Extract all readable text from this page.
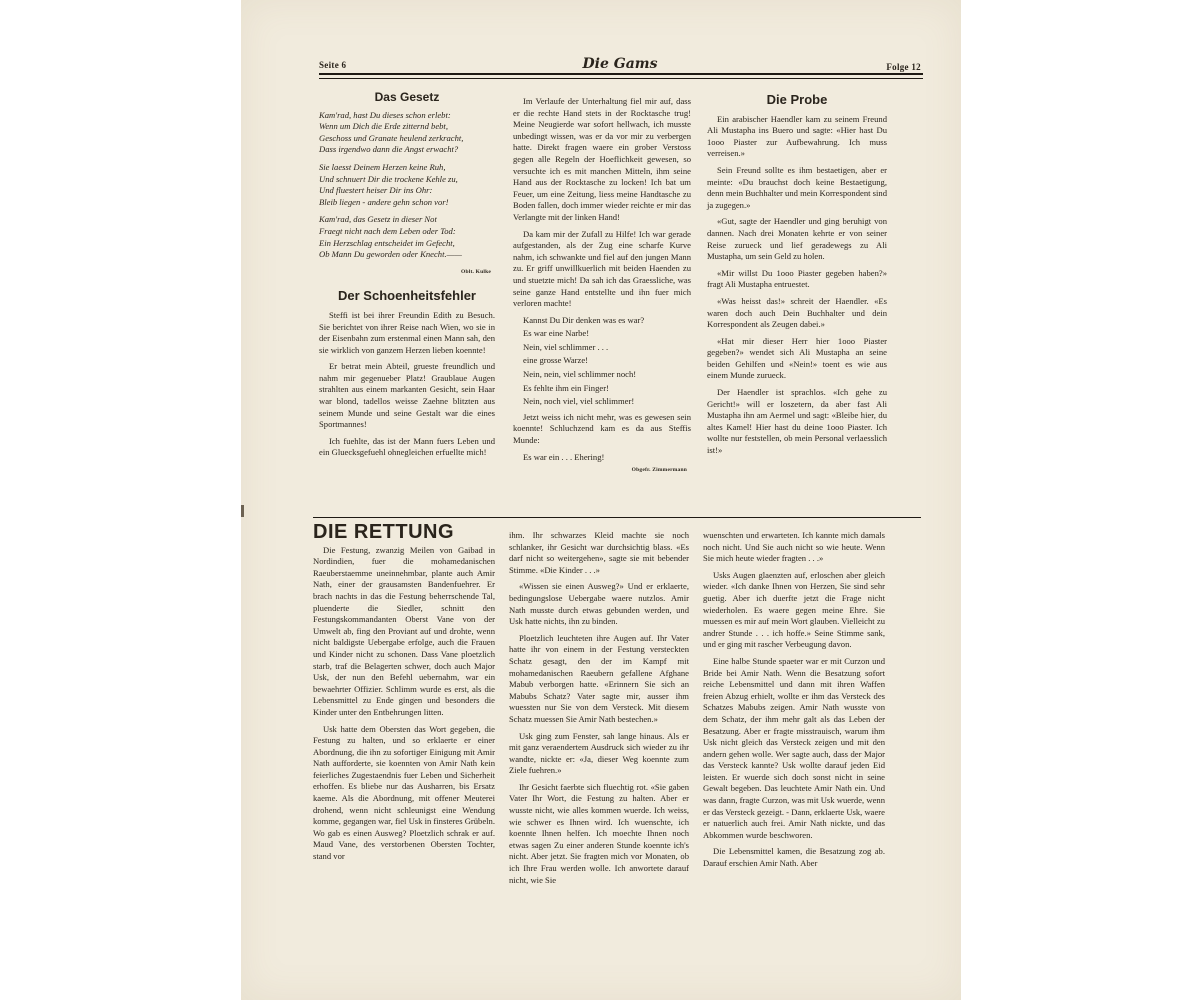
Seite 6	Die Gams	Folge 12
Das Gesetz
Kam'rad, hast Du dieses schon erlebt:
Wenn um Dich die Erde zitternd bebt,
Geschoss und Granate heulend zerkracht,
Dass irgendwo dann die Angst erwacht?
Sie laesst Deinem Herzen keine Ruh,
Und schnuert Dir die trockene Kehle zu,
Und fluestert heiser Dir ins Ohr:
Bleib liegen - andere gehn schon vor!
Kam'rad, das Gesetz in dieser Not
Fraegt nicht nach dem Leben oder Tod:
Ein Herzschlag entscheidet im Gefecht,
Ob Mann Du geworden oder Knecht.——
Oblt. Kulke
Der Schoenheitsfehler

Steffi ist bei ihrer Freundin Edith zu Besuch. Sie berichtet von ihrer Reise nach Wien, wo sie in der Eisenbahn zum erstenmal einen Mann sah, den sie wirklich von ganzem Herzen lieben koennte!

Er betrat mein Abteil, grueste freundlich und nahm mir gegenueber Platz! Graublaue Augen strahlten aus einem markanten Gesicht, sein Haar war blond, tadellos weisse Zaehne blitzten aus seinem Munde und seine Gestalt war die eines Sportmannes!

Ich fuehlte, das ist der Mann fuers Leben und ein Gluecksgefuehl ohnegleichen erfuellte mich!

Im Verlaufe der Unterhaltung fiel mir auf, dass er die rechte Hand stets in der Rocktasche trug! Meine Neugierde war sofort hellwach, ich musste unbedingt wissen, was er da vor mir zu verbergen hatte. Direkt fragen waere ein grober Verstoss gegen alle Regeln der Hoeflichkeit gewesen, so versuchte ich es mit manchen Mitteln, ihm seine Hand aus der Rocktasche zu locken! Ich bat um Feuer, um eine Zeitung, liess meine Handtasche zu Boden fallen, doch immer wieder reichte er mir das Verlangte mit der linken Hand!

Da kam mir der Zufall zu Hilfe! Ich war gerade aufgestanden, als der Zug eine scharfe Kurve nahm, ich schwankte und fiel auf den jungen Mann zu. Er griff unwillkuerlich mit beiden Haenden zu und stuetzte mich! Da sah ich das Graessliche, was seine ganze Hand entstellte und ihn fuer mich verloren machte!

Kannst Du Dir denken was es war?
Es war eine Narbe!
Nein, viel schlimmer . . .
eine grosse Warze!
Nein, nein, viel schlimmer noch!
Es fehlte ihm ein Finger!
Nein, noch viel, viel schlimmer!

Jetzt weiss ich nicht mehr, was es gewesen sein koennte! Schluchzend kam es da aus Steffis Munde:

Es war ein . . . Ehering!
Obgefr. Zimmermann
Die Probe

Ein arabischer Haendler kam zu seinem Freund Ali Mustapha ins Buero und sagte: «Hier hast Du 1ooo Piaster zur Aufbewahrung. Ich muss verreisen.»

Sein Freund sollte es ihm bestaetigen, aber er meinte: «Du brauchst doch keine Bestaetigung, denn mein Buchhalter und mein Korrespondent sind ja zugegen.»

«Gut, sagte der Haendler und ging beruhigt von dannen. Nach drei Monaten kehrte er von seiner Reise zurueck und lief geradewegs zu Ali Mustapha, um sein Geld zu holen.

«Mir willst Du 1ooo Piaster gegeben haben?» fragt Ali Mustapha entruestet.

«Was heisst das!» schreit der Haendler. «Es waren doch auch Dein Buchhalter und dein Korrespondent als Zeugen dabei.»

«Hat mir dieser Herr hier 1ooo Piaster gegeben?» wendet sich Ali Mustapha an seine beiden Gehilfen und «Nein!» toent es wie aus einem Munde zurueck.

Der Haendler ist sprachlos. «Ich gehe zu Gericht!» will er loszetern, da aber fast Ali Mustapha ihn am Aermel und sagt: «Bleibe hier, du altes Kamel! Hier hast du deine 1ooo Piaster. Ich wollte nur feststellen, ob mein Personal verlaesslich ist!»

DIE RETTUNG

Die Festung, zwanzig Meilen von Gaibad in Nordindien, fuer die mohamedanischen Raeuberstaemme uneinnehmbar, plante auch Amir Nath, einer der grausamsten Bandenfuehrer. Er brach nachts in das die Festung beherrschende Tal, pluenderte die Siedler, schnitt den Festungskommandanten Oberst Vane von der Umwelt ab, fing den Proviant auf und drohte, wenn nicht baldigste Uebergabe erfolge, auch die Frauen und Kinder nicht zu schonen. Dass Vane ploetzlich starb, traf die Belagerten schwer, doch auch Major Usk, der nun den Befehl uebernahm, war ein bewaehrter Offizier. Schlimm wurde es erst, als die Lebensmittel zu Ende gingen und besonders die Kinder unter den Entbehrungen litten.

Usk hatte dem Obersten das Wort gegeben, die Festung zu halten, und so erklaerte er einer Abordnung, die ihn zu sofortiger Einigung mit Amir Nath aufforderte, sie koennten von Amir Nath kein feierliches Zugestaendnis fuer Leben und Sicherheit erhoffen. Es bliebe nur das Ausharren, bis Ersatz kaeme. Als die Abordnung, mit offener Meuterei drohend, wenn nicht schleunigst eine Wendung komme, gegangen war, fiel Usk in finsteres Grübeln. Wo gab es einen Ausweg? Ploetzlich schrak er auf. Maud Vane, des verstorbenen Obersten Tochter, stand vor

ihm. Ihr schwarzes Kleid machte sie noch schlanker, ihr Gesicht war durchsichtig blass. «Es darf nicht so weitergehen», sagte sie mit bebender Stimme. «Die Kinder . . .»

«Wissen sie einen Ausweg?» Und er erklaerte, bedingungslose Uebergabe waere nutzlos. Amir Nath musste durch etwas gebunden werden, und Usk hatte nichts, ihn zu binden.

Ploetzlich leuchteten ihre Augen auf. Ihr Vater hatte ihr von einem in der Festung versteckten Schatz gesagt, den der im Kampf mit mohamedanischen Raeubern gefallene Afghane Mabub verborgen hatte. «Erinnern Sie sich an Mabubs Schatz? Vater sagte mir, ausser ihm wuessten nur Sie von dem Versteck. Mit diesem Schatz muessen Sie Amir Nath bestechen.»

Usk ging zum Fenster, sah lange hinaus. Als er mit ganz veraendertem Ausdruck sich wieder zu ihr wandte, nickte er: «Ja, dieser Weg koennte zum Ziele fuehren.»

Ihr Gesicht faerbte sich fluechtig rot. «Sie gaben Vater Ihr Wort, die Festung zu halten. Aber er wusste nicht, wie alles kommen wuerde. Ich weiss, wie schwer es Ihnen wird. Ich wuenschte, ich koennte Ihnen helfen. Ich moechte Ihnen noch etwas sagen Zu einer anderen Stunde koennte ich's nicht. Aber jetzt. Sie fragten mich vor Monaten, ob ich Ihre Frau werden wolle. Ich anwortete darauf nicht, wie Sie

wuenschten und erwarteten. Ich kannte mich damals noch nicht. Und Sie auch nicht so wie heute. Wenn Sie mich heute wieder fragten . . .»

Usks Augen glaenzten auf, erloschen aber gleich wieder. «Ich danke Ihnen von Herzen, Sie sind sehr guetig. Aber ich duerfte jetzt die Frage nicht wiederholen. Es waere gegen meine Ehre. Sie muessen es mir auf mein Wort glauben. Vielleicht zu andrer Stunde . . . ich hoffe.» Seine Stimme sank, und er ging mit rascher Verbeugung davon.

Eine halbe Stunde spaeter war er mit Curzon und Bride bei Amir Nath. Wenn die Besatzung sofort reiche Lebensmittel und dann mit ihren Waffen freien Abzug erhielt, wollte er ihm das Versteck des Schatzes Mabubs zeigen. Amir Nath wusste von dem Schatz, der ihm mehr galt als das Leben der Besatzung. Aber er fragte misstrauisch, warum ihm Usk nicht gleich das Versteck zeigen und mit den andern gehen wolle. Wer sagte auch, dass der Major das Versteck kannte? Usk wollte darauf jeden Eid leisten. Er wuerde sich doch sonst nicht in seine Gewalt begeben. Das leuchtete Amir Nath ein. Und was dann, fragte Curzon, was mit Usk wuerde, wenn er das Versteck gezeigt. - Dann, erklaerte Usk, waere er natuerlich auch frei. Amir Nath nickte, und das Abkommen wurde beschworen.

Die Lebensmittel kamen, die Besatzung zog ab. Darauf erschien Amir Nath. Aber
